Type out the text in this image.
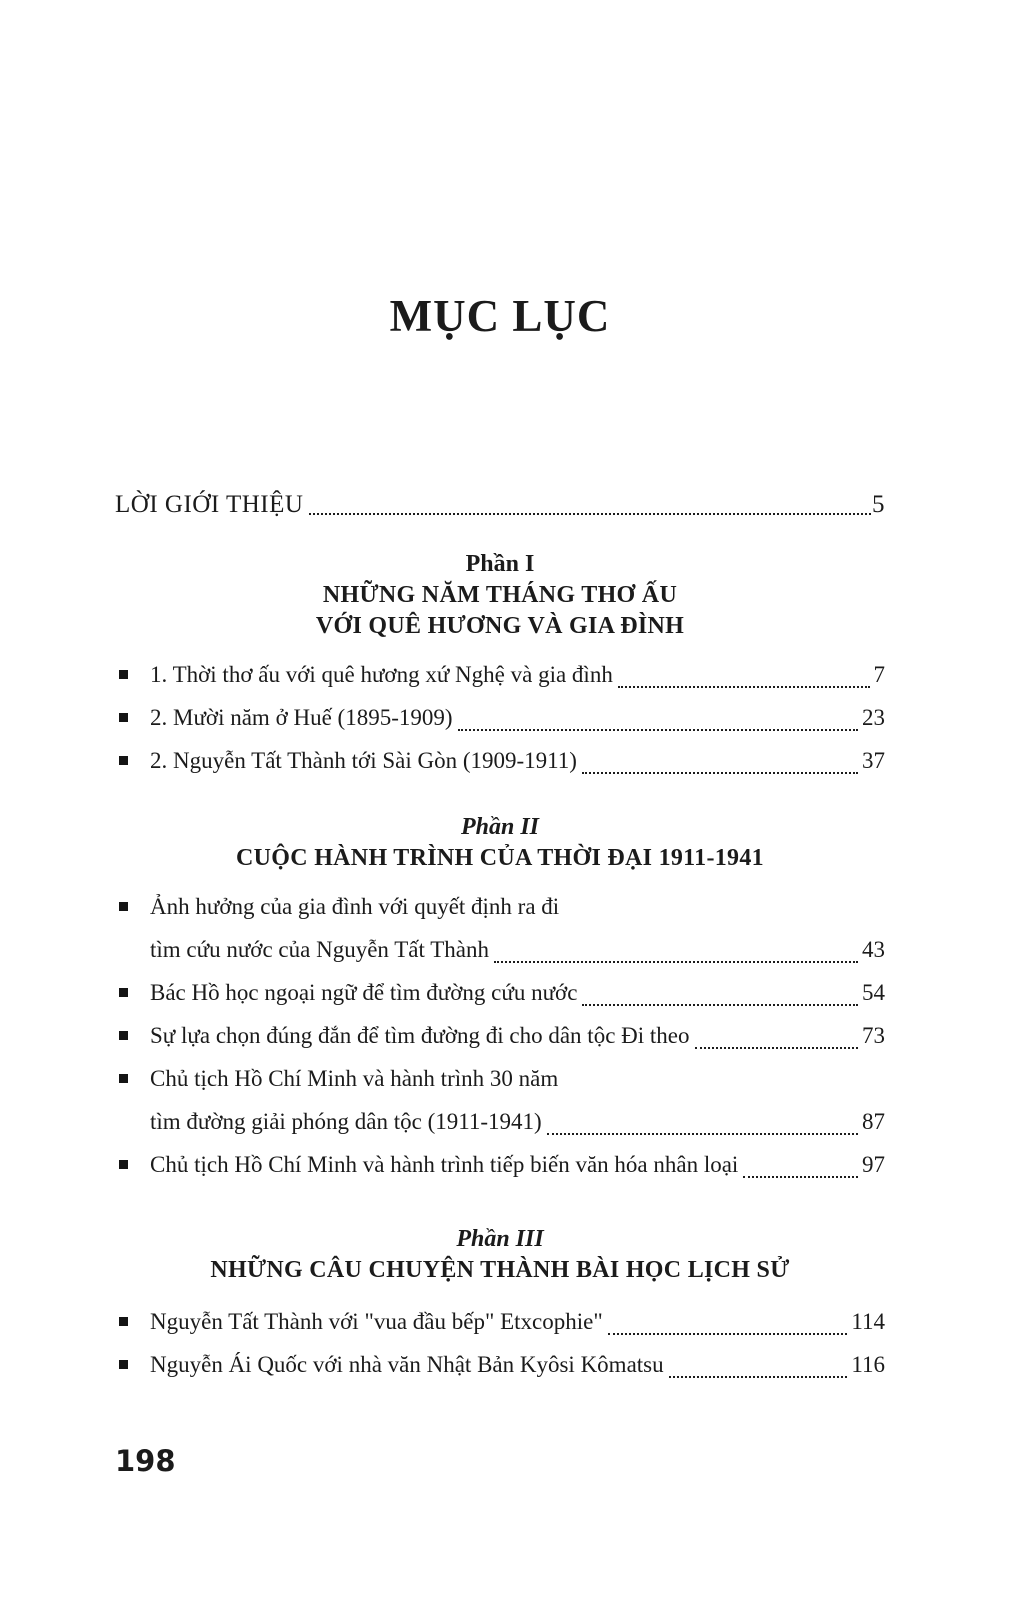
MỤC LỤC
LỜI GIỚI THIỆU	5
Phần I
NHỮNG NĂM THÁNG THƠ ẤU
VỚI QUÊ HƯƠNG VÀ GIA ĐÌNH
1. Thời thơ ấu với quê hương xứ Nghệ và gia đình	7
2. Mười năm ở Huế (1895-1909)	23
2. Nguyễn Tất Thành tới Sài Gòn (1909-1911)	37
Phần II
CUỘC HÀNH TRÌNH CỦA THỜI ĐẠI 1911-1941
Ảnh hưởng của gia đình với quyết định ra đi
tìm cứu nước của Nguyễn Tất Thành	43
Bác Hồ học ngoại ngữ để tìm đường cứu nước	54
Sự lựa chọn đúng đắn để tìm đường đi cho dân tộc Đi theo	73
Chủ tịch Hồ Chí Minh và hành trình 30 năm
tìm đường giải phóng dân tộc (1911-1941)	87
Chủ tịch Hồ Chí Minh và hành trình tiếp biến văn hóa nhân loại	97
Phần III
NHỮNG CÂU CHUYỆN THÀNH BÀI HỌC LỊCH SỬ
Nguyễn Tất Thành với "vua đầu bếp" Etxcophie"	114
Nguyễn Ái Quốc với nhà văn Nhật Bản Kyôsi Kômatsu	116
198
